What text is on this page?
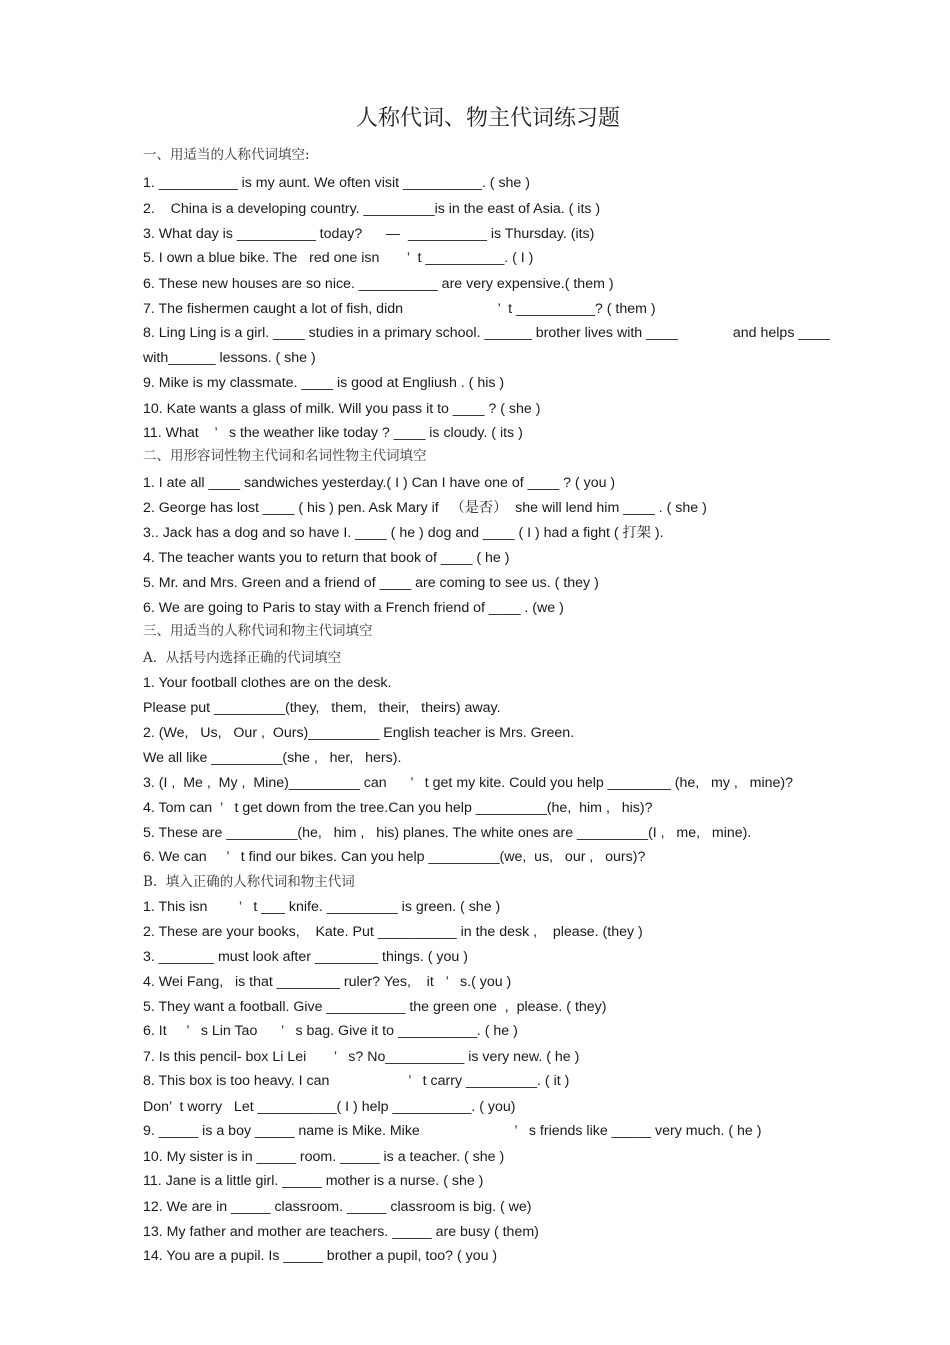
人称代词、物主代词练习题
一、用适当的人称代词填空:
1. __________ is my aunt. We often visit __________. ( she )
2.    China is a developing country. _________is in the east of Asia. ( its )
3. What day is __________ today?      —  __________ is Thursday. (its)
5. I own a blue bike. The   red one isn       ’  t __________. ( I )
6. These new houses are so nice. __________ are very expensive.( them )
7. The fishermen caught a lot of fish, didn                        ’  t __________? ( them )
8. Ling Ling is a girl. ____ studies in a primary school. ______ brother lives with ____              and helps ____
with______ lessons. ( she )
9. Mike is my classmate. ____ is good at Engliush . ( his )
10. Kate wants a glass of milk. Will you pass it to ____ ? ( she )
11. What    ’   s the weather like today ? ____ is cloudy. ( its )
二、用形容词性物主代词和名词性物主代词填空
1. I ate all ____ sandwiches yesterday.( I ) Can I have one of ____ ? ( you )
2. George has lost ____ ( his ) pen. Ask Mary if   （是否）  she will lend him ____ . ( she )
3.. Jack has a dog and so have I. ____ ( he ) dog and ____ ( I ) had a fight ( 打架 ).
4. The teacher wants you to return that book of ____ ( he )
5. Mr. and Mrs. Green and a friend of ____ are coming to see us. ( they )
6. We are going to Paris to stay with a French friend of ____ . (we )
三、用适当的人称代词和物主代词填空
A.  从括号内选择正确的代词填空
1. Your football clothes are on the desk.
Please put _________(they,   them,   their,   theirs) away.
2. (We,   Us,   Our ,  Ours)_________ English teacher is Mrs. Green.
We all like _________(she ,   her,   hers).
3. (I ,  Me ,  My ,  Mine)_________ can      ’   t get my kite. Could you help ________ (he,   my ,   mine)?
4. Tom can  ’   t get down from the tree.Can you help _________(he,  him ,   his)?
5. These are _________(he,   him ,   his) planes. The white ones are _________(I ,   me,   mine).
6. We can     ’   t find our bikes. Can you help _________(we,  us,   our ,   ours)?
B.  填入正确的人称代词和物主代词
1. This isn        ’   t ___ knife. _________ is green. ( she )
2. These are your books,    Kate. Put __________ in the desk ,    please. (they )
3. _______ must look after ________ things. ( you )
4. Wei Fang,   is that ________ ruler? Yes,    it   ’   s.( you )
5. They want a football. Give __________ the green one  ,  please. ( they)
6. It     ’   s Lin Tao      ’   s bag. Give it to __________. ( he )
7. Is this pencil- box Li Lei       ’   s? No__________ is very new. ( he )
8. This box is too heavy. I can                    ’   t carry _________. ( it )
Don’  t worry   Let __________( I ) help __________. ( you)
9. _____ is a boy _____ name is Mike. Mike                        ’   s friends like _____ very much. ( he )
10. My sister is in _____ room. _____ is a teacher. ( she )
11. Jane is a little girl. _____ mother is a nurse. ( she )
12. We are in _____ classroom. _____ classroom is big. ( we)
13. My father and mother are teachers. _____ are busy ( them)
14. You are a pupil. Is _____ brother a pupil, too? ( you )
